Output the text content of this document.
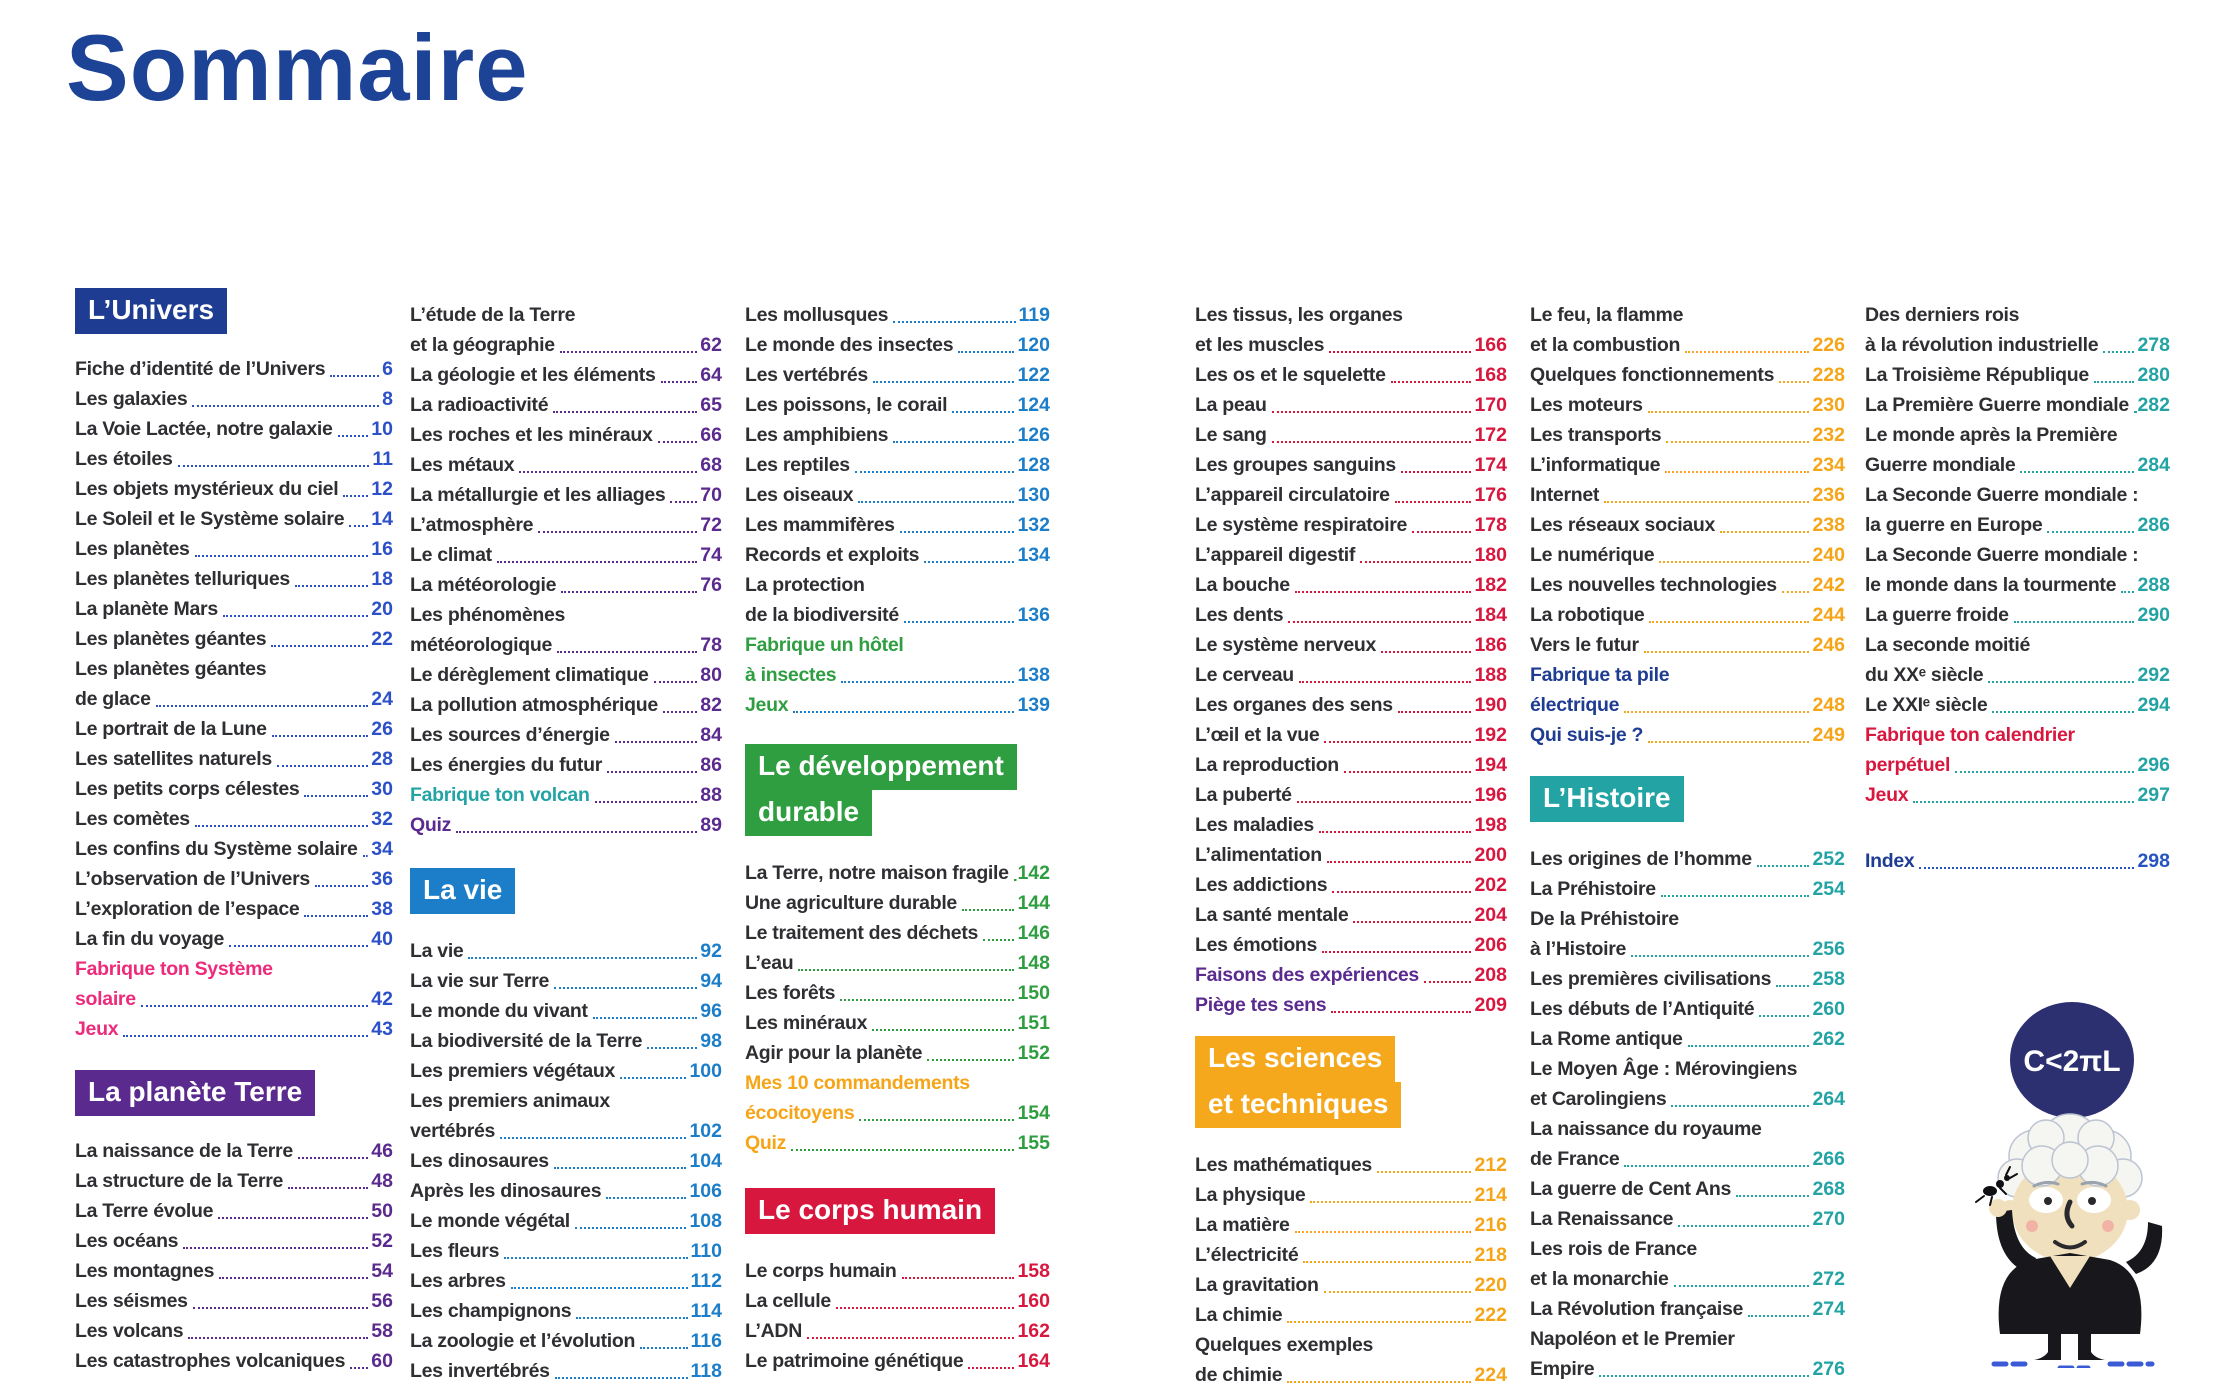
Sommaire
L’Univers
Fiche d’identité de l’Univers	6
Les galaxies	8
La Voie Lactée, notre galaxie 10
Les étoiles	11
Les objets mystérieux du ciel 12
Le Soleil et le Système solaire 14
Les planètes	16
Les planètes telluriques	18
La planète Mars	20
Les planètes géantes	22
Les planètes géantes
de glace	24
Le portrait de la Lune	26
Les satellites naturels	28
Les petits corps célestes	30
Les comètes	32
Les confins du Système solaire 34
L’observation de l’Univers	36
L’exploration de l’espace	38
La fin du voyage	40
Fabrique ton Système
solaire	42
Jeux	43
La planète Terre
La naissance de la Terre	46
La structure de la Terre	48
La Terre évolue	50
Les océans	52
Les montagnes	54
Les séismes	56
Les volcans	58
Les catastrophes volcaniques 60
L’étude de la Terre
et la géographie	62
La géologie et les éléments 64
La radioactivité	65
Les roches et les minéraux 66
Les métaux	68
La métallurgie et les alliages 70
L’atmosphère	72
Le climat	74
La météorologie	76
Les phénomènes
météorologique	78
Le dérèglement climatique	80
La pollution atmosphérique 82
Les sources d’énergie	84
Les énergies du futur	86
Fabrique ton volcan	88
Quiz	89
La vie
La vie	92
La vie sur Terre	94
Le monde du vivant	96
La biodiversité de la Terre	98
Les premiers végétaux	100
Les premiers animaux
vertébrés	102
Les dinosaures	104
Après les dinosaures	106
Le monde végétal	108
Les fleurs	110
Les arbres	112
Les champignons	114
La zoologie et l’évolution	116
Les invertébrés	118
Les mollusques	119
Le monde des insectes	120
Les vertébrés	122
Les poissons, le corail	124
Les amphibiens	126
Les reptiles	128
Les oiseaux	130
Les mammifères	132
Records et exploits	134
La protection
de la biodiversité	136
Fabrique un hôtel
à insectes	138
Jeux	139
Le développement
durable
La Terre, notre maison fragile 142
Une agriculture durable	144
Le traitement des déchets 146
L’eau	148
Les forêts	150
Les minéraux	151
Agir pour la planète	152
Mes 10 commandements
écocitoyens	154
Quiz	155
Le corps humain
Le corps humain	158
La cellule	160
L’ADN	162
Le patrimoine génétique	164
Les tissus, les organes
et les muscles	166
Les os et le squelette	168
La peau	170
Le sang	172
Les groupes sanguins	174
L’appareil circulatoire	176
Le système respiratoire	178
L’appareil digestif	180
La bouche	182
Les dents	184
Le système nerveux	186
Le cerveau	188
Les organes des sens	190
L’œil et la vue	192
La reproduction	194
La puberté	196
Les maladies	198
L’alimentation	200
Les addictions	202
La santé mentale	204
Les émotions	206
Faisons des expériences	208
Piège tes sens	209
Les sciences
et techniques
Les mathématiques	212
La physique	214
La matière	216
L’électricité	218
La gravitation	220
La chimie	222
Quelques exemples
de chimie	224
Le feu, la flamme
et la combustion	226
Quelques fonctionnements 228
Les moteurs	230
Les transports	232
L’informatique	234
Internet	236
Les réseaux sociaux	238
Le numérique	240
Les nouvelles technologies 242
La robotique	244
Vers le futur	246
Fabrique ta pile
électrique	248
Qui suis-je ?	249
L’Histoire
Les origines de l’homme	252
La Préhistoire	254
De la Préhistoire
à l’Histoire	256
Les premières civilisations 258
Les débuts de l’Antiquité	260
La Rome antique	262
Le Moyen Âge : Mérovingiens
et Carolingiens	264
La naissance du royaume
de France	266
La guerre de Cent Ans	268
La Renaissance	270
Les rois de France
et la monarchie	272
La Révolution française	274
Napoléon et le Premier
Empire	276
Des derniers rois
à la révolution industrielle 278
La Troisième République 280
La Première Guerre mondiale 282
Le monde après la Première
Guerre mondiale	284
La Seconde Guerre mondiale :
la guerre en Europe	286
La Seconde Guerre mondiale :
le monde dans la tourmente 288
La guerre froide	290
La seconde moitié
du XXᵉ siècle	292
Le XXIᵉ siècle	294
Fabrique ton calendrier
perpétuel	296
Jeux	297
Index	298
C<2πL
